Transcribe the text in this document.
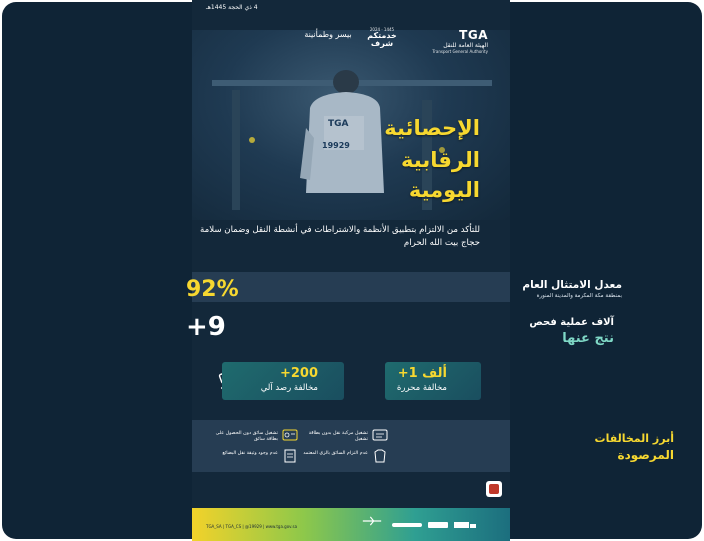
TGA
19929
TGA
الهيئة العامة للنقل
Transport General Authority
1445 · 2024
خدمتكم شرف
بيسر وطمأنينة
الإحصائية
الرقابية
اليومية
للتأكد من الالتزام بتطبيق الأنظمة والاشتراطات في أنشطة النقل وضمان سلامة حجاج بيت الله الحرام
4 ذي الحجة 1445هـ
92%	معدل الامتثال العام
بمنطقة مكة المكرمة والمدينة المنورة
+9	آلاف عملية فحص
نتج عنها
+1 ألف
مخالفة محررة
+200
مخالفة رصد آلي
أبرز المخالفات
المرصودة
تشغيل مركبة نقل بدون بطاقة تشغيل
تشغيل سائق دون الحصول على بطاقة سائق
عدم التزام السائق بالزي المعتمد
عدم وجود وثيقة نقل البضائع
TGA_SA | TGA_CS | @19929 | www.tga.gov.sa
